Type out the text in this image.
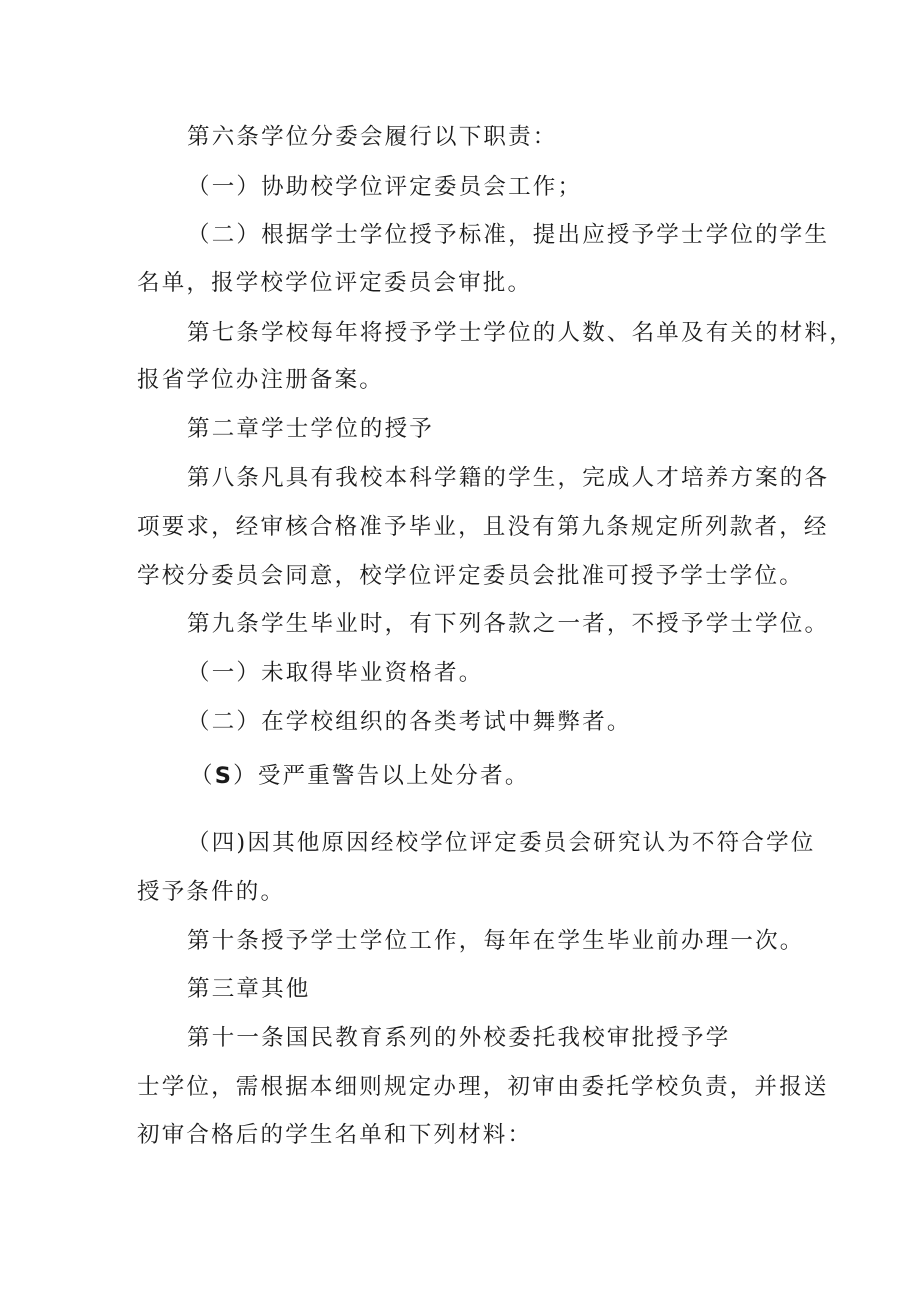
第六条学位分委会履行以下职责：
（一）协助校学位评定委员会工作；
（二）根据学士学位授予标准，提出应授予学士学位的学生
名单，报学校学位评定委员会审批。
第七条学校每年将授予学士学位的人数、名单及有关的材料，
报省学位办注册备案。
第二章学士学位的授予
第八条凡具有我校本科学籍的学生，完成人才培养方案的各
项要求，经审核合格准予毕业，且没有第九条规定所列款者，经
学校分委员会同意，校学位评定委员会批准可授予学士学位。
第九条学生毕业时，有下列各款之一者，不授予学士学位。
（一）未取得毕业资格者。
（二）在学校组织的各类考试中舞弊者。
（S）受严重警告以上处分者。
（四)因其他原因经校学位评定委员会研究认为不符合学位
授予条件的。
第十条授予学士学位工作，每年在学生毕业前办理一次。
第三章其他
第十一条国民教育系列的外校委托我校审批授予学
士学位，需根据本细则规定办理，初审由委托学校负责，并报送
初审合格后的学生名单和下列材料：
